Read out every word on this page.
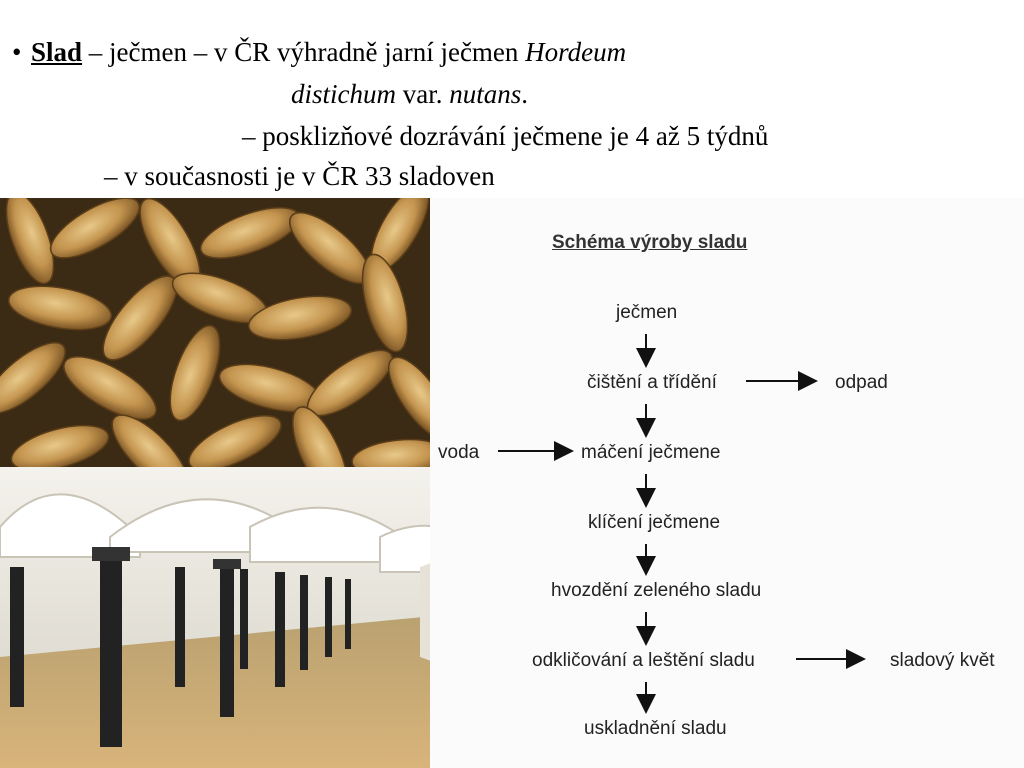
• Slad – ječmen – v ČR výhradně jarní ječmen Hordeum
distichum var. nutans.
– posklizňové dozrávání ječmene je 4 až 5 týdnů
– v současnosti je v ČR 33 sladoven
Schéma výroby sladu
ječmen
čištění a třídění
máčení ječmene
klíčení ječmene
hvozdění zeleného sladu
odkličování a leštění sladu
uskladnění sladu
odpad
voda
sladový květ
